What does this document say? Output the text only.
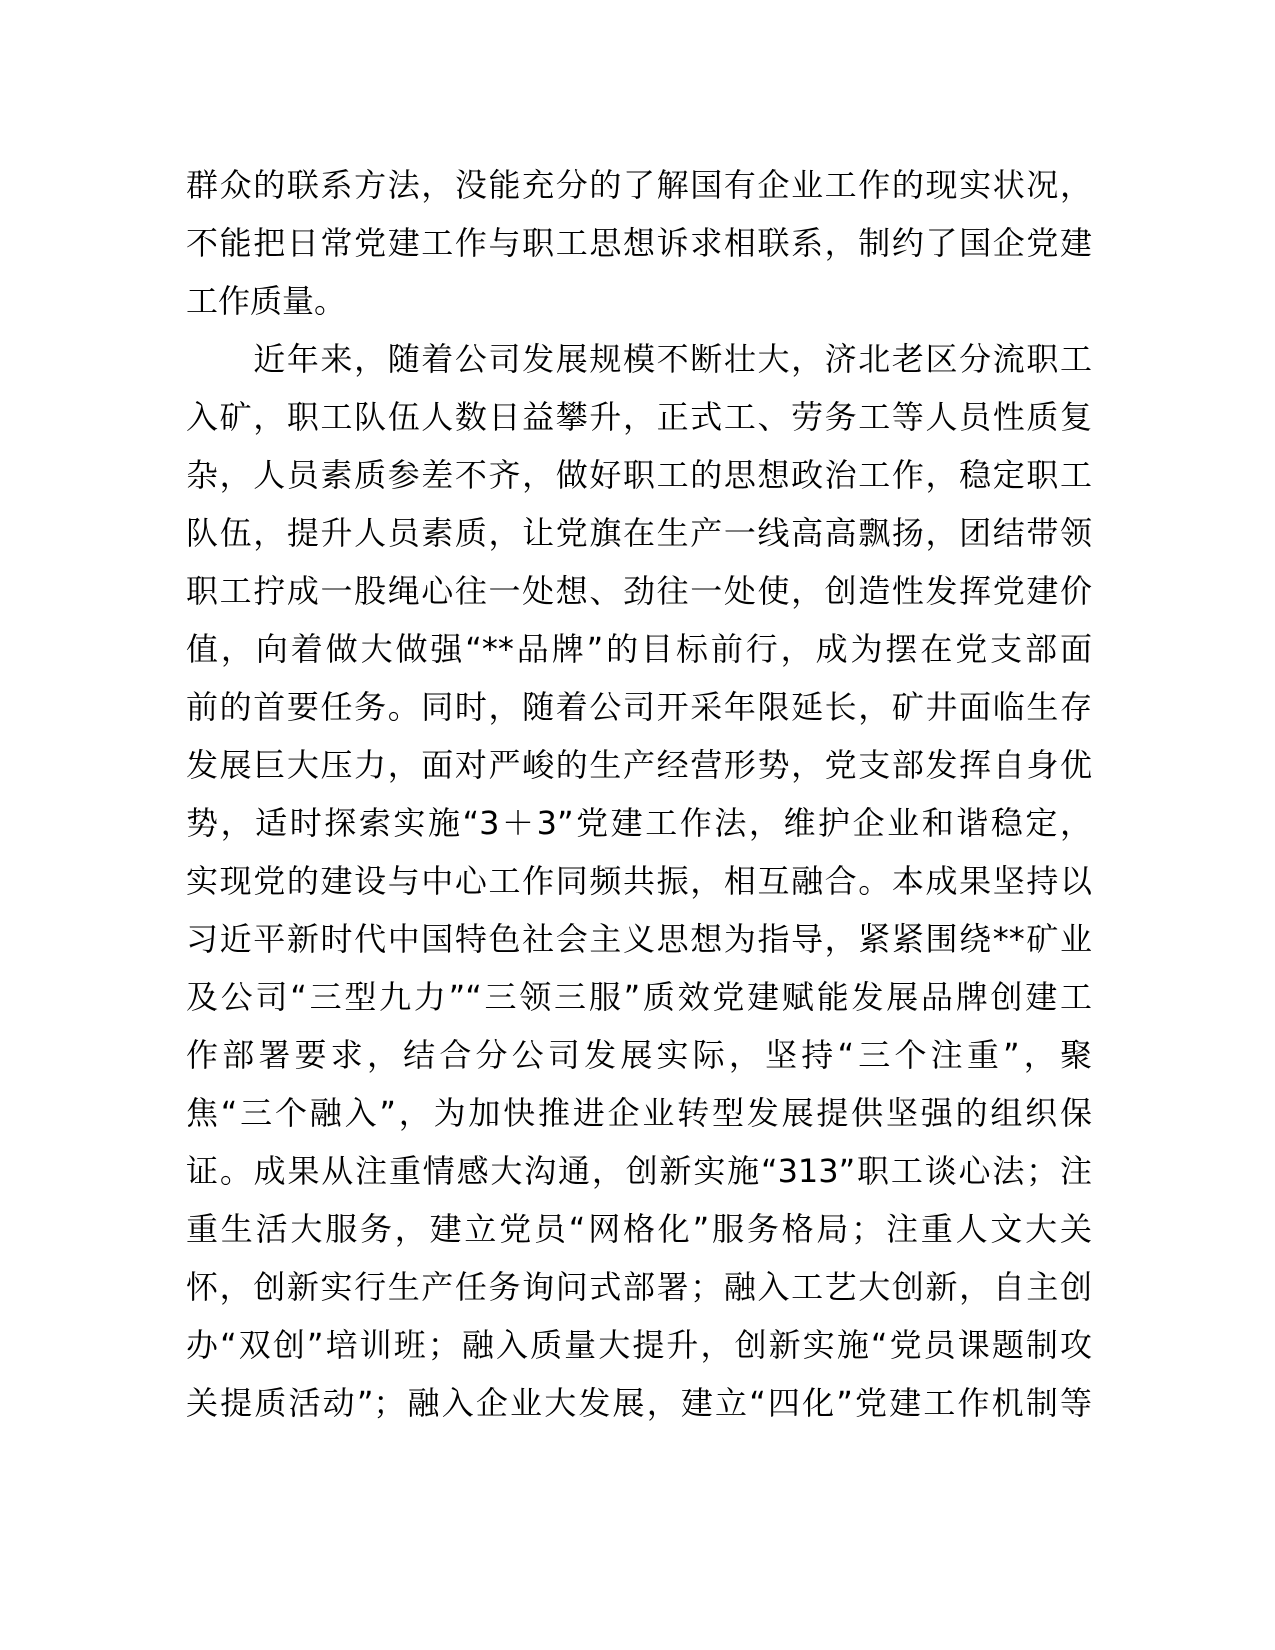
群众的联系方法，没能充分的了解国有企业工作的现实状况，
不能把日常党建工作与职工思想诉求相联系，制约了国企党建
工作质量。
　　近年来，随着公司发展规模不断壮大，济北老区分流职工
入矿，职工队伍人数日益攀升，正式工、劳务工等人员性质复
杂，人员素质参差不齐，做好职工的思想政治工作，稳定职工
队伍，提升人员素质，让党旗在生产一线高高飘扬，团结带领
职工拧成一股绳心往一处想、劲往一处使，创造性发挥党建价
值，向着做大做强“**品牌”的目标前行，成为摆在党支部面
前的首要任务。同时，随着公司开采年限延长，矿井面临生存
发展巨大压力，面对严峻的生产经营形势，党支部发挥自身优
势，适时探索实施“3＋3”党建工作法，维护企业和谐稳定，
实现党的建设与中心工作同频共振，相互融合。本成果坚持以
习近平新时代中国特色社会主义思想为指导，紧紧围绕**矿业
及公司“三型九力”“三领三服”质效党建赋能发展品牌创建工
作部署要求，结合分公司发展实际，坚持“三个注重”，聚
焦“三个融入”，为加快推进企业转型发展提供坚强的组织保
证。成果从注重情感大沟通，创新实施“313”职工谈心法；注
重生活大服务，建立党员“网格化”服务格局；注重人文大关
怀，创新实行生产任务询问式部署；融入工艺大创新，自主创
办“双创”培训班；融入质量大提升，创新实施“党员课题制攻
关提质活动”；融入企业大发展，建立“四化”党建工作机制等
